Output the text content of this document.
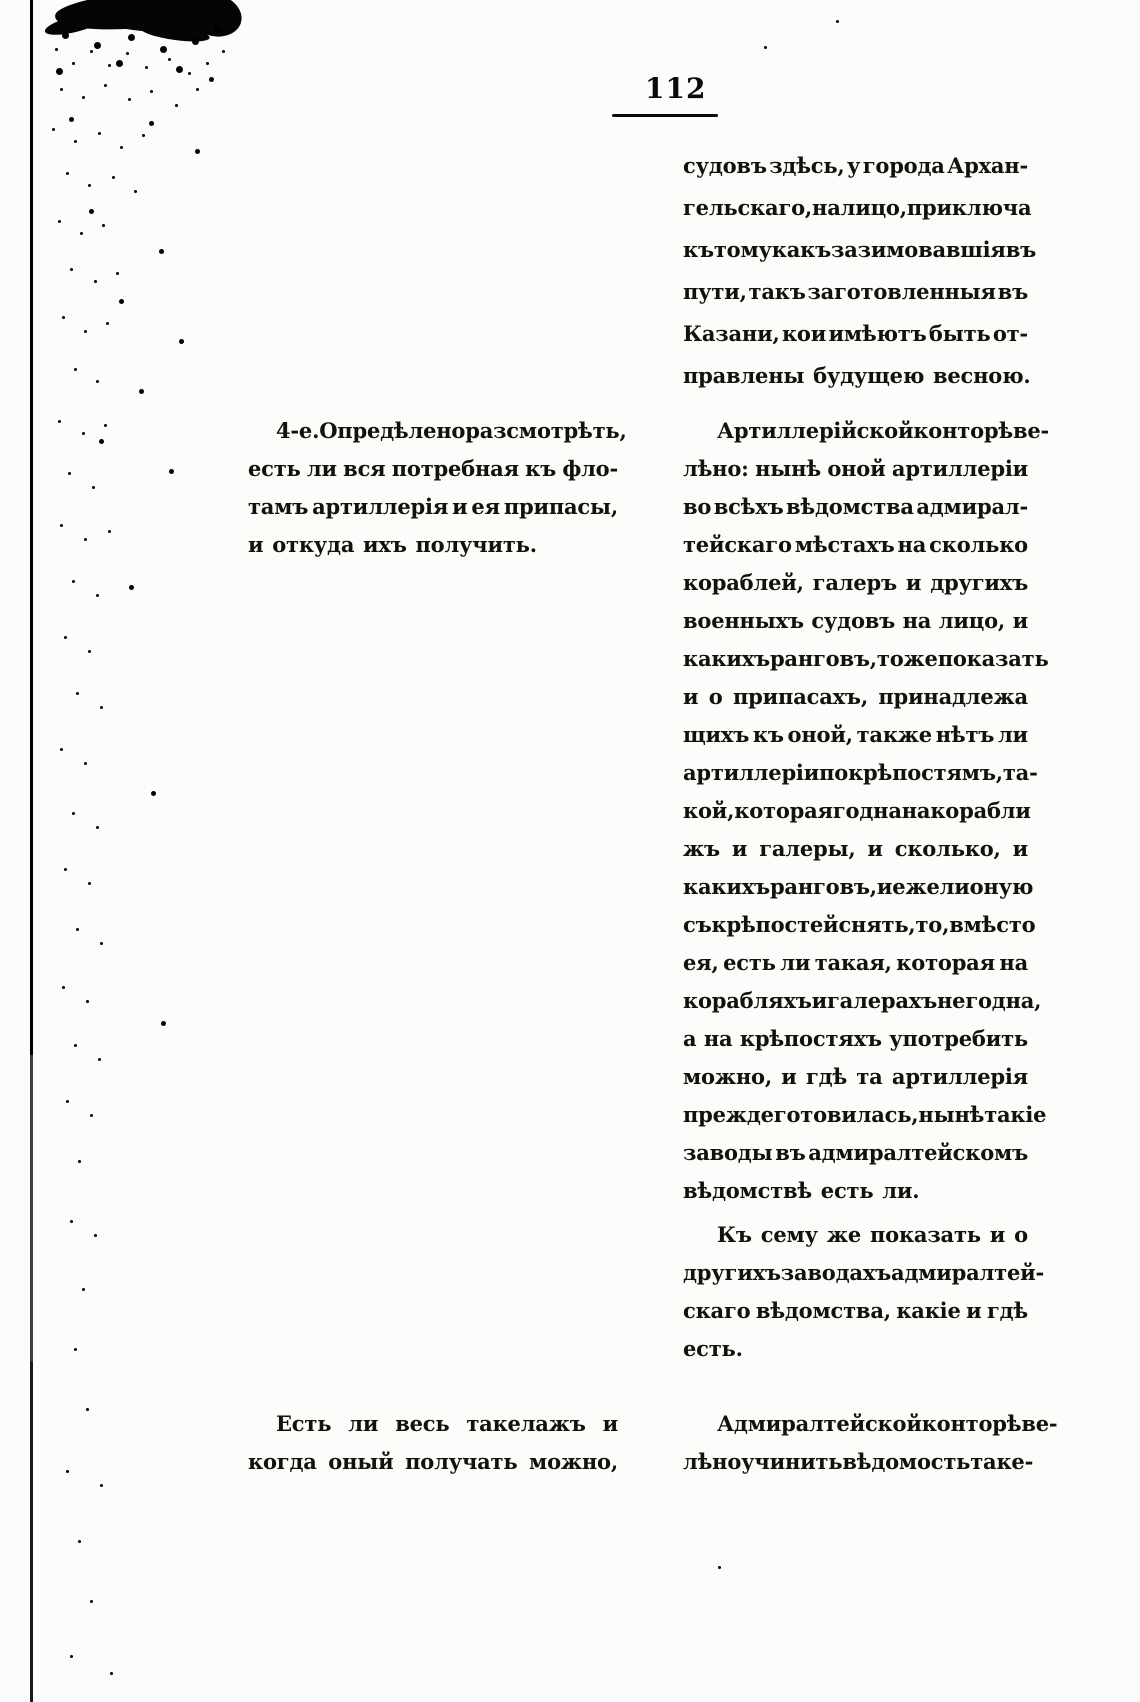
112
судовъ здѣсь, у города Архан-
гельскаго, на лицо, приключа
къ тому какъ зазимовавшія въ
пути, такъ заготовленныя въ
Казани, кои имѣютъ быть от-
правлены будущею весною.
4-е. Опредѣлено разсмотрѣть,
есть ли вся потребная къ фло-
тамъ артиллерія и ея припасы,
и откуда ихъ получить.
Артиллерійской конторѣ ве-
лѣно: нынѣ оной артиллеріи
во всѣхъ вѣдомства адмирал-
тейскаго мѣстахъ на сколько
кораблей, галеръ и другихъ
военныхъ судовъ на лицо, и
какихъ ранговъ, тоже показать
и о припасахъ, принадлежа
щихъ къ оной, также нѣтъ ли
артиллеріи по крѣпостямъ, та-
кой, которая годна на корабли
жъ и галеры, и сколько, и
какихъ ранговъ, и ежели оную
съ крѣпостей снять, то, вмѣсто
ея, есть ли такая, которая на
корабляхъ и галерахъ негодна,
а на крѣпостяхъ употребить
можно, и гдѣ та артиллерія
прежде готовилась, нынѣ такіе
заводы въ адмиралтейскомъ
вѣдомствѣ есть ли.
Къ сему же показать и о
другихъ заводахъ адмиралтей-
скаго вѣдомства, какіе и гдѣ
есть.
Есть ли весь такелажъ и
когда оный получать можно,
Адмиралтейской конторѣ ве-
лѣно учинить вѣдомость таке-
